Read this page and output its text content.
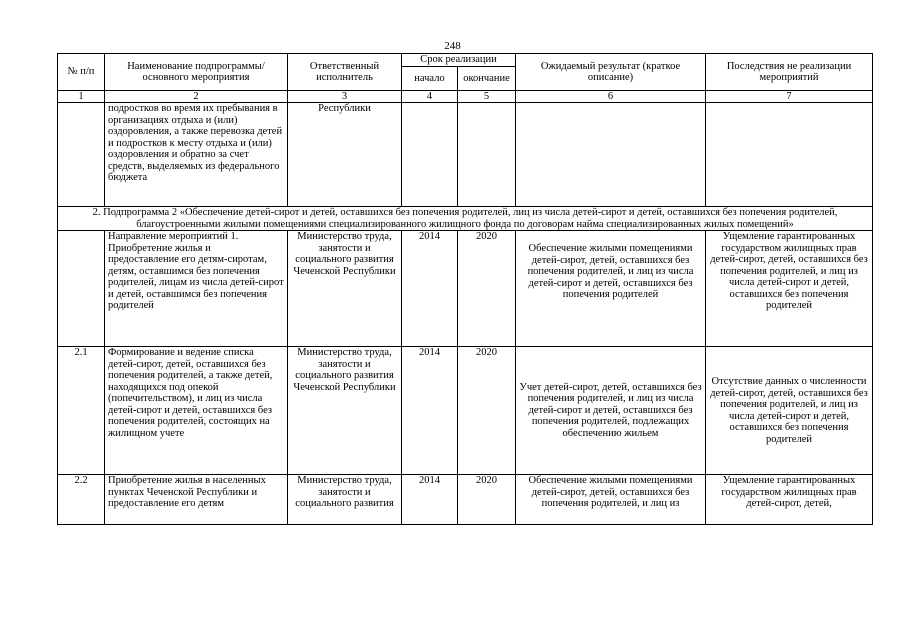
248
№ п/п	Наименование подпрограммы/ основного мероприятия	Ответственный исполнитель	Срок реализации		Ожидаемый результат (краткое описание)	Последствия не реализации мероприятий
			начало	окончание		
1	2	3	4	5	6	7
	подростков во время их пребывания в организациях отдыха и (или) оздоровления, а также перевозка детей и подростков к месту отдыха и (или) оздоровления и обратно за счет средств, выделяемых из федерального бюджета	Республики				
2. Подпрограмма 2 «Обеспечение детей-сирот и детей, оставшихся без попечения родителей, лиц из числа детей-сирот и детей, оставшихся без попечения родителей, благоустроенными жилыми помещениями специализированного жилищного фонда по договорам найма специализированных жилых помещений»						
	Направление мероприятий 1. Приобретение жилья и предоставление его детям-сиротам, детям, оставшимся без попечения родителей, лицам из числа детей-сирот и детей, оставшимся без попечения родителей	Министерство труда, занятости и социального развития Чеченской Республики	2014	2020	Обеспечение жилыми помещениями детей-сирот, детей, оставшихся без попечения родителей, и лиц из числа детей-сирот и детей, оставшихся без попечения родителей	Ущемление гарантированных государством жилищных прав детей-сирот, детей, оставшихся без попечения родителей, и лиц из числа детей-сирот и детей, оставшихся без попечения родителей
2.1	Формирование и ведение списка детей-сирот, детей, оставшихся без попечения родителей, а также детей, находящихся под опекой (попечительством), и лиц из числа детей-сирот и детей, оставшихся без попечения родителей, состоящих на жилищном учете	Министерство труда, занятости и социального развития Чеченской Республики	2014	2020	Учет детей-сирот, детей, оставшихся без попечения родителей, и лиц из числа детей-сирот и детей, оставшихся без попечения родителей, подлежащих обеспечению жильем	Отсутствие данных о численности детей-сирот, детей, оставшихся без попечения родителей, и лиц из числа детей-сирот и детей, оставшихся без попечения родителей
2.2	Приобретение жилья в населенных пунктах Чеченской Республики и предоставление его детям	Министерство труда, занятости и социального развития	2014	2020	Обеспечение жилыми помещениями детей-сирот, детей, оставшихся без попечения родителей, и лиц из	Ущемление гарантированных государством жилищных прав детей-сирот, детей,
